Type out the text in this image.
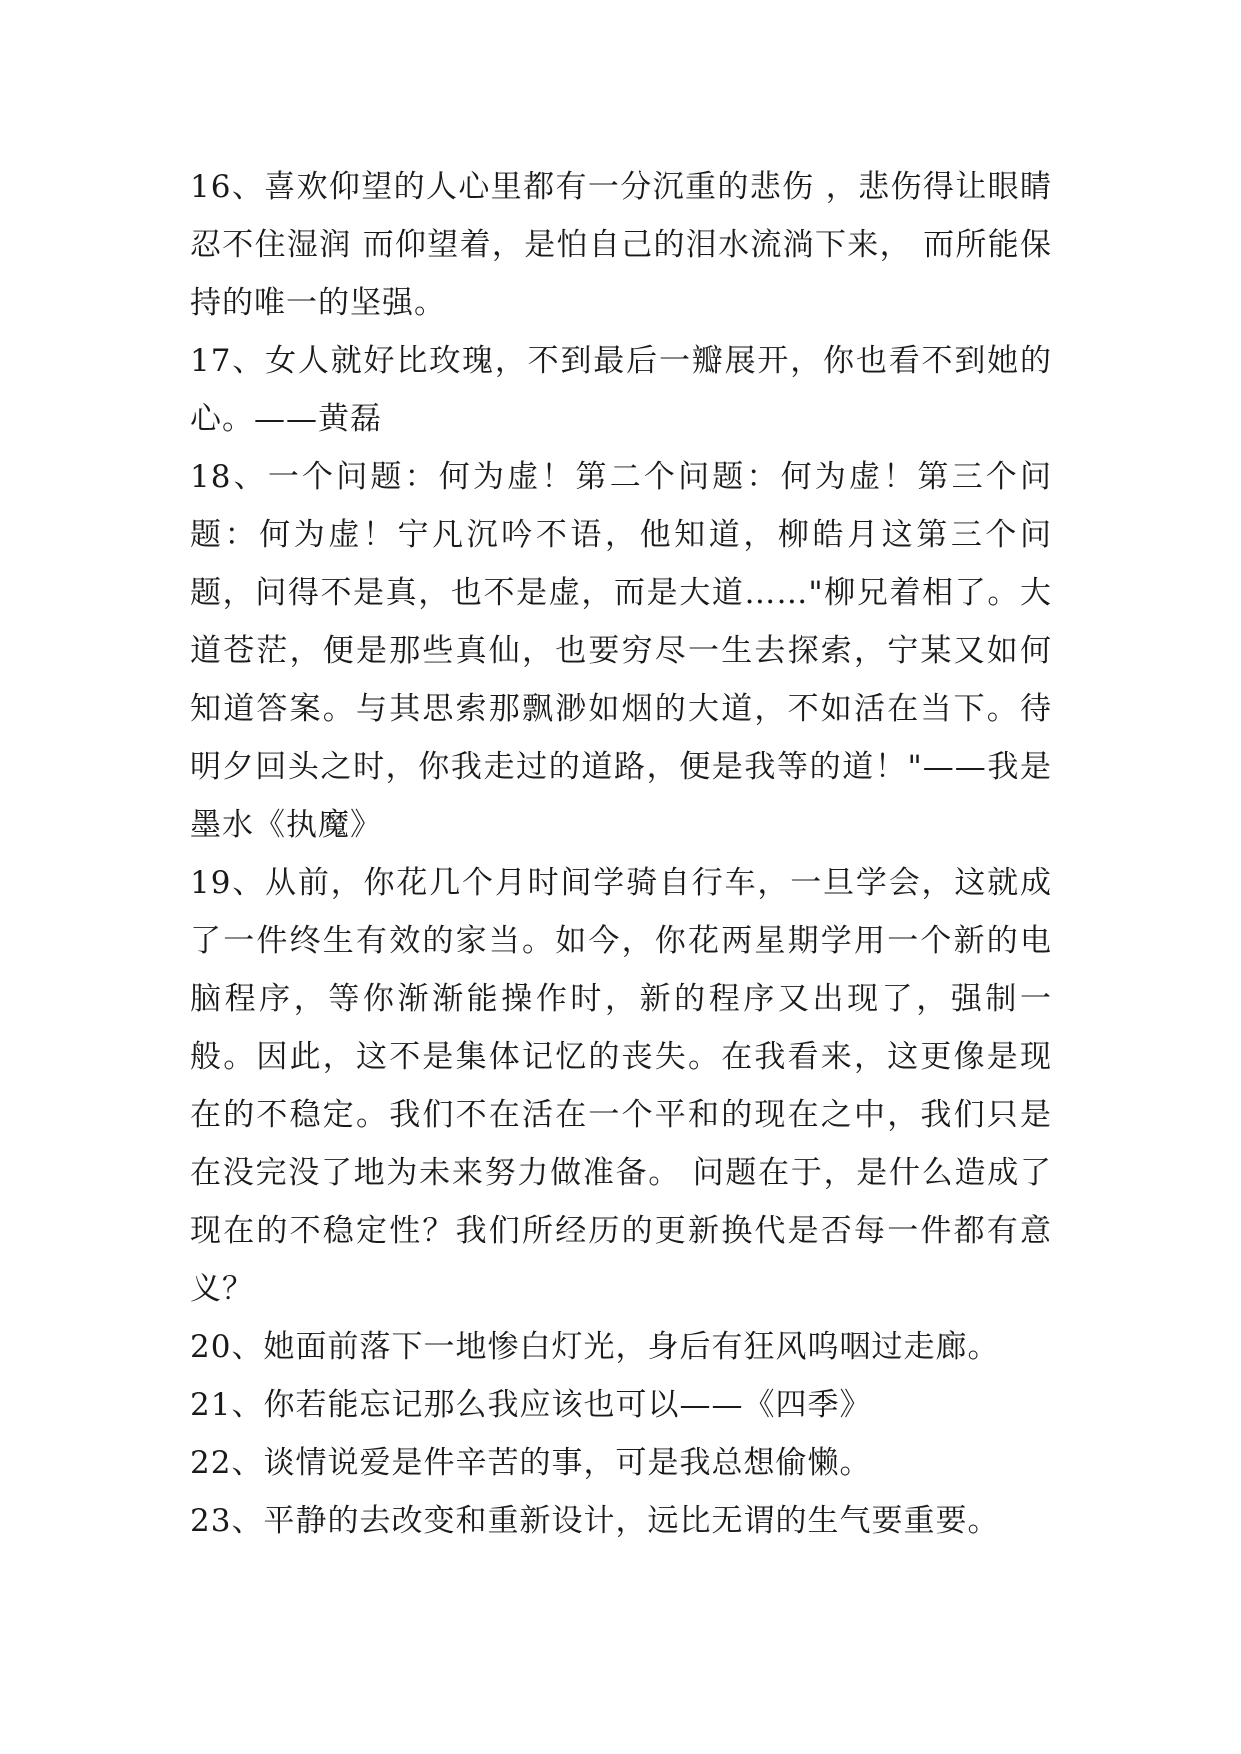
16、喜欢仰望的人心里都有一分沉重的悲伤 ，悲伤得让眼睛忍不住湿润 而仰望着，是怕自己的泪水流淌下来， 而所能保持的唯一的坚强。

17、女人就好比玫瑰，不到最后一瓣展开，你也看不到她的心。——黄磊

18、一个问题：何为虚！第二个问题：何为虚！第三个问题：何为虚！宁凡沉吟不语，他知道，柳皓月这第三个问题，问得不是真，也不是虚，而是大道……"柳兄着相了。大道苍茫，便是那些真仙，也要穷尽一生去探索，宁某又如何知道答案。与其思索那飘渺如烟的大道，不如活在当下。待明夕回头之时，你我走过的道路，便是我等的道！"——我是墨水《执魔》

19、从前，你花几个月时间学骑自行车，一旦学会，这就成了一件终生有效的家当。如今，你花两星期学用一个新的电脑程序，等你渐渐能操作时，新的程序又出现了，强制一般。因此，这不是集体记忆的丧失。在我看来，这更像是现在的不稳定。我们不在活在一个平和的现在之中，我们只是在没完没了地为未来努力做准备。 问题在于，是什么造成了现在的不稳定性？我们所经历的更新换代是否每一件都有意义？

20、她面前落下一地惨白灯光，身后有狂风呜咽过走廊。

21、你若能忘记那么我应该也可以——《四季》

22、谈情说爱是件辛苦的事，可是我总想偷懒。

23、平静的去改变和重新设计，远比无谓的生气要重要。
